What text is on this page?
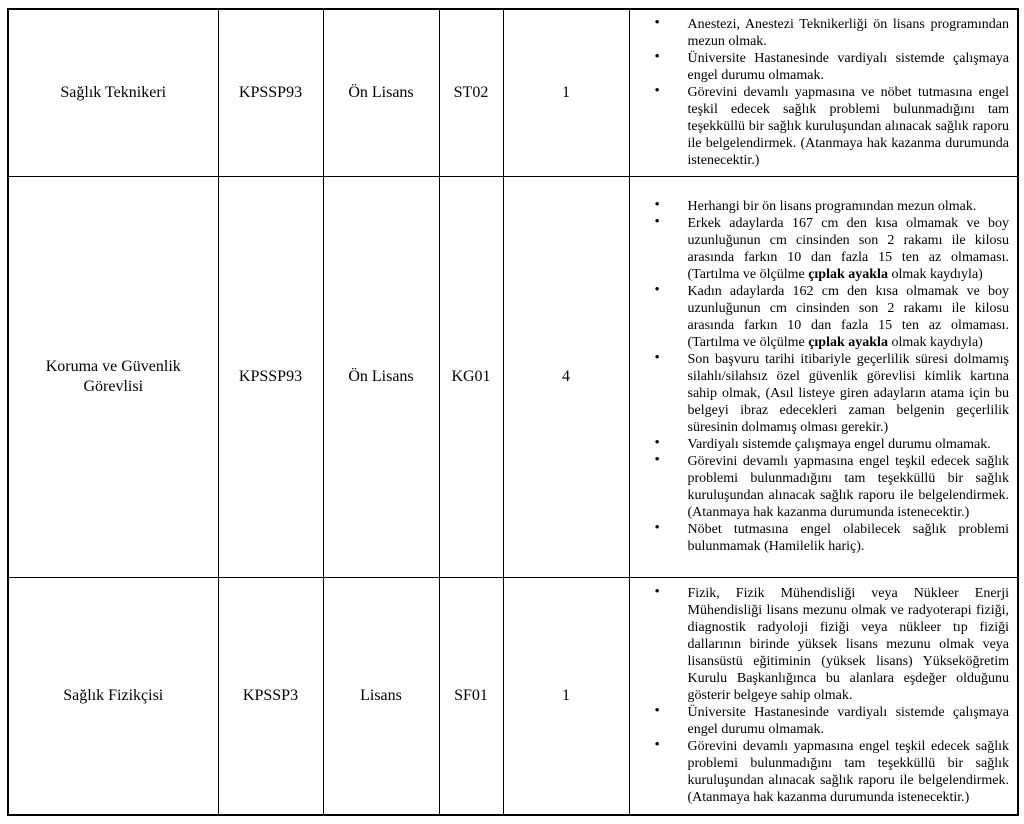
Sağlık Teknikeri	KPSSP93	Ön Lisans	ST02	1	
• Anestezi, Anestezi Teknikerliği ön lisans programından mezun olmak.
• Üniversite Hastanesinde vardiyalı sistemde çalışmaya engel durumu olmamak.
• Görevini devamlı yapmasına ve nöbet tutmasına engel teşkil edecek sağlık problemi bulunmadığını tam teşekküllü bir sağlık kuruluşundan alınacak sağlık raporu ile belgelendirmek. (Atanmaya hak kazanma durumunda istenecektir.)

Koruma ve Güvenlik Görevlisi	KPSSP93	Ön Lisans	KG01	4	
• Herhangi bir ön lisans programından mezun olmak.
• Erkek adaylarda 167 cm den kısa olmamak ve boy uzunluğunun cm cinsinden son 2 rakamı ile kilosu arasında farkın 10 dan fazla 15 ten az olmaması. (Tartılma ve ölçülme çıplak ayakla olmak kaydıyla)
• Kadın adaylarda 162 cm den kısa olmamak ve boy uzunluğunun cm cinsinden son 2 rakamı ile kilosu arasında farkın 10 dan fazla 15 ten az olmaması. (Tartılma ve ölçülme çıplak ayakla olmak kaydıyla)
• Son başvuru tarihi itibariyle geçerlilik süresi dolmamış silahlı/silahsız özel güvenlik görevlisi kimlik kartına sahip olmak, (Asıl listeye giren adayların atama için bu belgeyi ibraz edecekleri zaman belgenin geçerlilik süresinin dolmamış olması gerekir.)
• Vardiyalı sistemde çalışmaya engel durumu olmamak.
• Görevini devamlı yapmasına engel teşkil edecek sağlık problemi bulunmadığını tam teşekküllü bir sağlık kuruluşundan alınacak sağlık raporu ile belgelendirmek. (Atanmaya hak kazanma durumunda istenecektir.)
• Nöbet tutmasına engel olabilecek sağlık problemi bulunmamak (Hamilelik hariç).

Sağlık Fizikçisi	KPSSP3	Lisans	SF01	1	
• Fizik, Fizik Mühendisliği veya Nükleer Enerji Mühendisliği lisans mezunu olmak ve radyoterapi fiziği, diagnostik radyoloji fiziği veya nükleer tıp fiziği dallarının birinde yüksek lisans mezunu olmak veya lisansüstü eğitiminin (yüksek lisans) Yükseköğretim Kurulu Başkanlığınca bu alanlara eşdeğer olduğunu gösterir belgeye sahip olmak.
• Üniversite Hastanesinde vardiyalı sistemde çalışmaya engel durumu olmamak.
• Görevini devamlı yapmasına engel teşkil edecek sağlık problemi bulunmadığını tam teşekküllü bir sağlık kuruluşundan alınacak sağlık raporu ile belgelendirmek. (Atanmaya hak kazanma durumunda istenecektir.)
